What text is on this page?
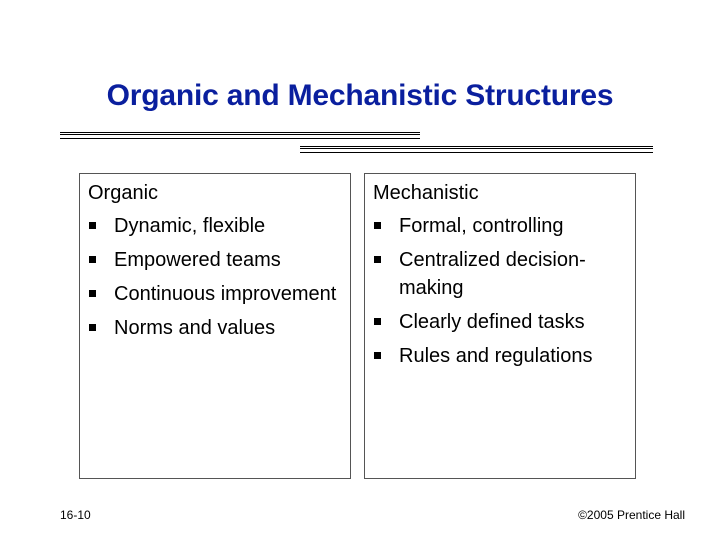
Organic and Mechanistic Structures
Organic
Dynamic, flexible
Empowered teams
Continuous improvement
Norms and values
Mechanistic
Formal, controlling
Centralized decision-making
Clearly defined tasks
Rules and regulations
16-10	©2005 Prentice Hall
